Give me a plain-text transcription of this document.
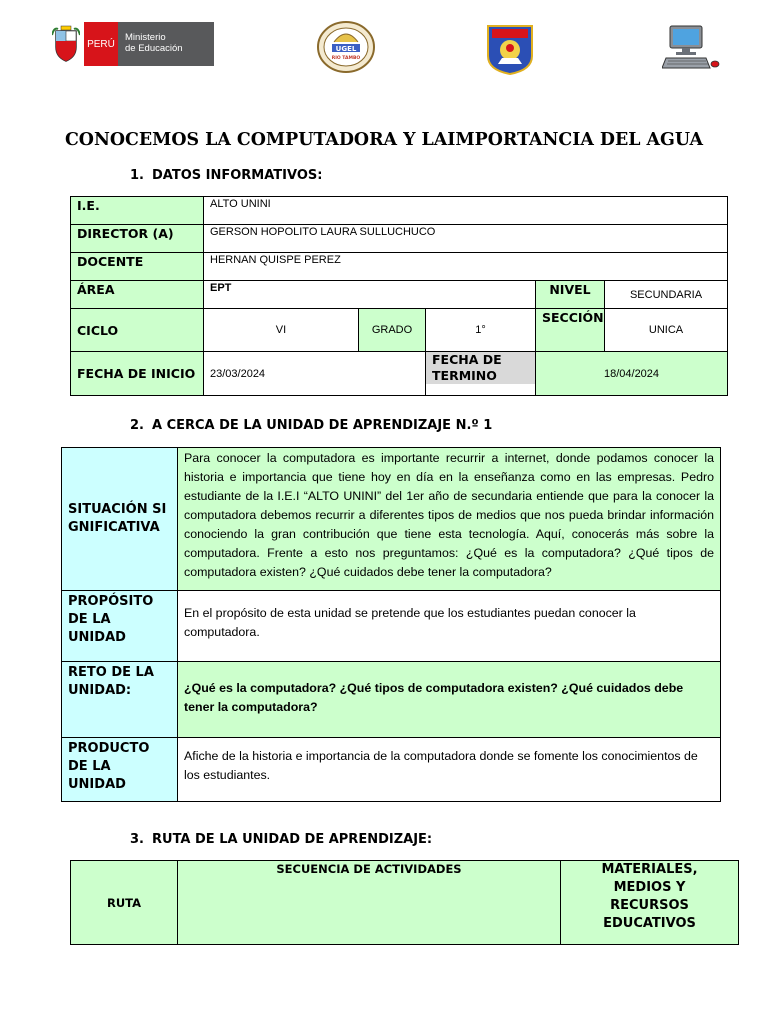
PERÚ
Ministerio
de Educación	UGEL
RIO TAMBO
CONOCEMOS LA COMPUTADORA Y LAIMPORTANCIA DEL AGUA
1. DATOS INFORMATIVOS:
I.E.	ALTO UNINI				
DIRECTOR (A)	GERSON HOPOLITO LAURA SULLUCHUCO				
DOCENTE	HERNAN QUISPE PEREZ				
ÁREA	EPT			NIVEL	SECUNDARIA
CICLO	VI	GRADO	1°	SECCIÓN	UNICA
FECHA DE INICIO	23/03/2024		FECHA DE TERMINO	18/04/2024	
2. A CERCA DE LA UNIDAD DE APRENDIZAJE N.º 1
SITUACIÓN SIGNIFICATIVA	Para conocer la computadora es importante recurrir a internet, donde podamos conocer la historia e importancia que tiene hoy en día en la enseñanza como en las empresas. Pedro estudiante de la I.E.I “ALTO UNINI” del 1er año de secundaria entiende que para la conocer la computadora debemos recurrir a diferentes tipos de medios que nos pueda brindar información conociendo la gran contribución que tiene esta tecnología. Aquí, conocerás más sobre la computadora. Frente a esto nos preguntamos: ¿Qué es la computadora? ¿Qué tipos de computadora existen? ¿Qué cuidados debe tener la computadora?
PROPÓSITO DE LA UNIDAD	En el propósito de esta unidad se pretende que los estudiantes puedan conocer la computadora.
RETO DE LA UNIDAD:	¿Qué es la computadora? ¿Qué tipos de computadora existen? ¿Qué cuidados debe tener la computadora?
PRODUCTO DE LA UNIDAD	Afiche de la historia e importancia de la computadora donde se fomente los conocimientos de los estudiantes.
3. RUTA DE LA UNIDAD DE APRENDIZAJE:
RUTA	SECUENCIA DE ACTIVIDADES	MATERIALES, MEDIOS Y RECURSOS EDUCATIVOS
